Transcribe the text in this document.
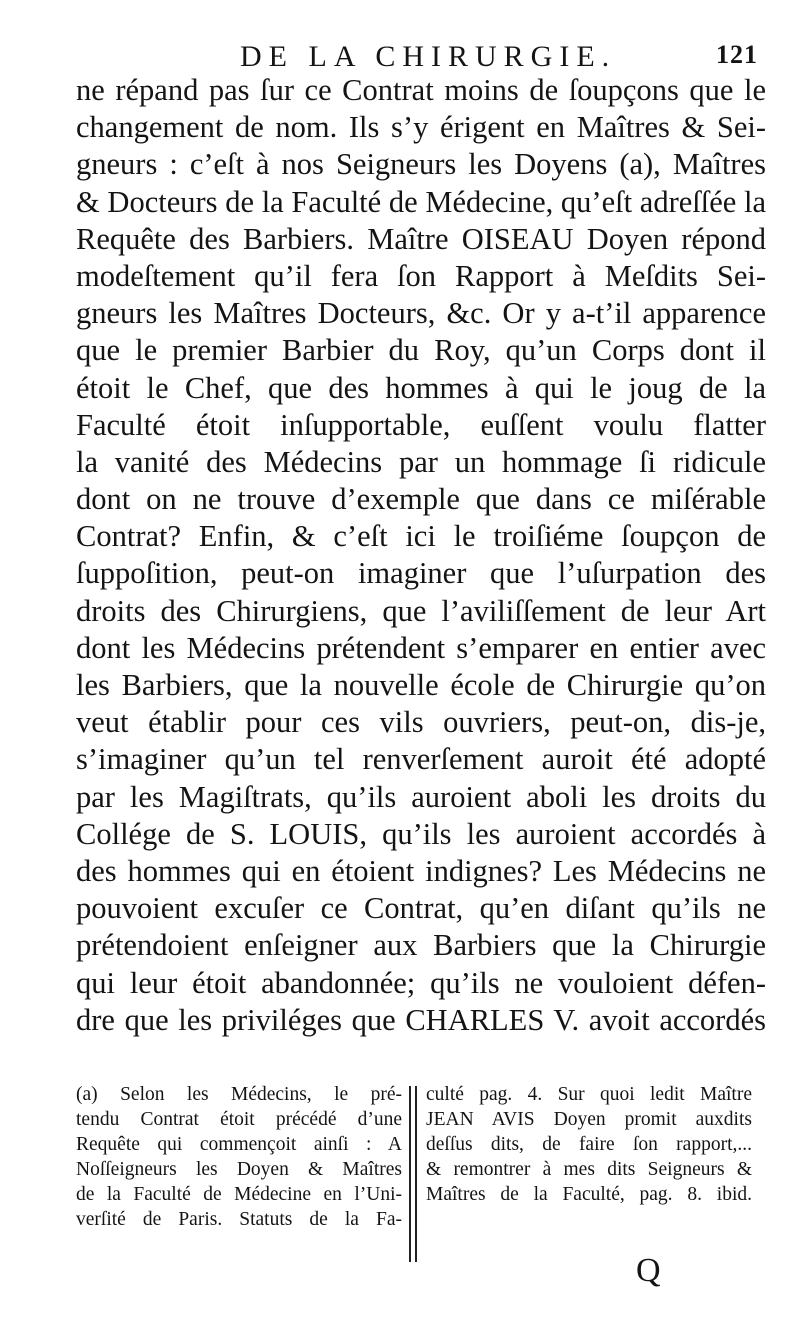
DE LA CHIRURGIE.	121
ne répand pas ſur ce Contrat moins de ſoupçons que le
changement de nom. Ils s’y érigent en Maîtres & Sei-
gneurs : c’eſt à nos Seigneurs les Doyens (a), Maîtres
& Docteurs de la Faculté de Médecine, qu’eſt adreſſée la
Requête des Barbiers. Maître OISEAU Doyen répond
modeſtement qu’il fera ſon Rapport à Meſdits Sei-
gneurs les Maîtres Docteurs, &c. Or y a-t’il apparence
que le premier Barbier du Roy, qu’un Corps dont il
étoit le Chef, que des hommes à qui le joug de la
Faculté étoit inſupportable, euſſent voulu flatter
la vanité des Médecins par un hommage ſi ridicule
dont on ne trouve d’exemple que dans ce miſérable
Contrat? Enfin, & c’eſt ici le troiſiéme ſoupçon de
ſuppoſition, peut-on imaginer que l’uſurpation des
droits des Chirurgiens, que l’aviliſſement de leur Art
dont les Médecins prétendent s’emparer en entier avec
les Barbiers, que la nouvelle école de Chirurgie qu’on
veut établir pour ces vils ouvriers, peut-on, dis-je,
s’imaginer qu’un tel renverſement auroit été adopté
par les Magiſtrats, qu’ils auroient aboli les droits du
Collége de S. LOUIS, qu’ils les auroient accordés à
des hommes qui en étoient indignes? Les Médecins ne
pouvoient excuſer ce Contrat, qu’en diſant qu’ils ne
prétendoient enſeigner aux Barbiers que la Chirurgie
qui leur étoit abandonnée; qu’ils ne vouloient défen-
dre que les priviléges que CHARLES V. avoit accordés
(a) Selon les Médecins, le pré-
tendu Contrat étoit précédé d’une
Requête qui commençoit ainſi : A
Noſſeigneurs les Doyen & Maîtres
de la Faculté de Médecine en l’Uni-
verſité de Paris. Statuts de la Fa-
culté pag. 4. Sur quoi ledit Maître
JEAN AVIS Doyen promit auxdits
deſſus dits, de faire ſon rapport,...
& remontrer à mes dits Seigneurs &
Maîtres de la Faculté, pag. 8. ibid.
Q
